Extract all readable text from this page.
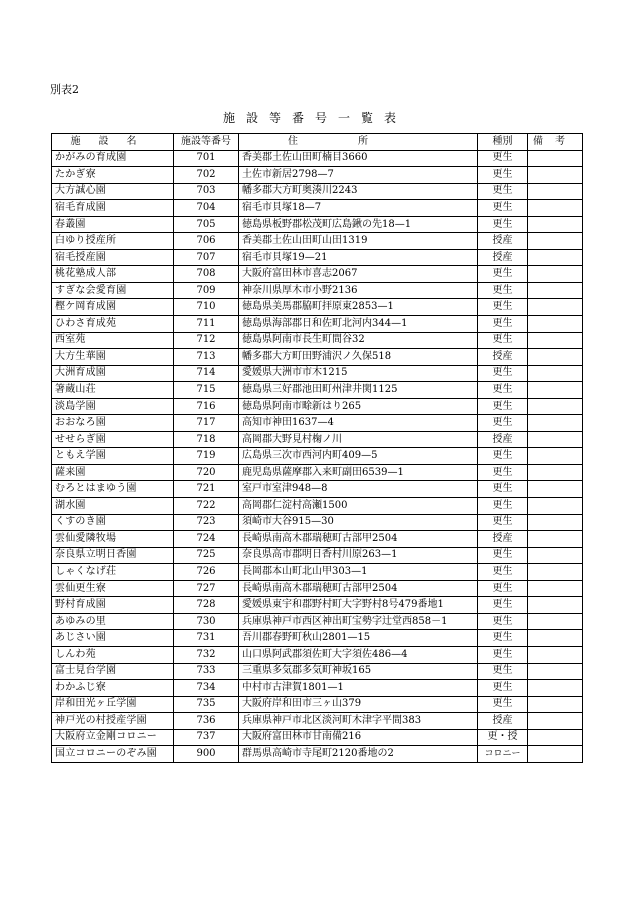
別表2

施設等番号一覧表
施設名	施設等番号	住所	種別	備考
かがみの育成園	701	香美郡土佐山田町楠目3660	更生	
たかぎ寮	702	土佐市新居2798—7	更生	
大方誠心園	703	幡多郡大方町奥湊川2243	更生	
宿毛育成園	704	宿毛市貝塚18—7	更生	
春叢園	705	徳島県板野郡松茂町広島鍬の先18—1	更生	
白ゆり授産所	706	香美郡土佐山田町山田1319	授産	
宿毛授産園	707	宿毛市貝塚19—21	授産	
桃花塾成人部	708	大阪府富田林市喜志2067	更生	
すぎな会愛育園	709	神奈川県厚木市小野2136	更生	
樫ケ岡育成園	710	徳島県美馬郡脇町拝原東2853—1	更生	
ひわさ育成苑	711	徳島県海部郡日和佐町北河内344—1	更生	
西室苑	712	徳島県阿南市長生町間谷32	更生	
大方生華園	713	幡多郡大方町田野浦沢ノ久保518	授産	
大洲育成園	714	愛媛県大洲市市木1215	更生	
箸蔵山荘	715	徳島県三好郡池田町州津井関1125	更生	
淡島学園	716	徳島県阿南市畭新はり265	更生	
おおなろ園	717	高知市神田1637—4	更生	
せせらぎ園	718	高岡郡大野見村椈ノ川	授産	
ともえ学園	719	広島県三次市西河内町409—5	更生	
薩来園	720	鹿児島県薩摩郡入来町副田6539—1	更生	
むろとはまゆう園	721	室戸市室津948—8	更生	
湖水園	722	高岡郡仁淀村高瀬1500	更生	
くすのき園	723	須崎市大谷915—30	更生	
雲仙愛隣牧場	724	長崎県南高木郡瑞穂町古部甲2504	授産	
奈良県立明日香園	725	奈良県高市郡明日香村川原263—1	更生	
しゃくなげ荘	726	長岡郡本山町北山甲303—1	更生	
雲仙更生寮	727	長崎県南高木郡瑞穂町古部甲2504	更生	
野村育成園	728	愛媛県東宇和郡野村町大字野村8号479番地1	更生	
あゆみの里	730	兵庫県神戸市西区神出町宝勢字辻堂西858－1	更生	
あじさい園	731	吾川郡春野町秋山2801—15	更生	
しんわ苑	732	山口県阿武郡須佐町大字須佐486—4	更生	
富士見台学園	733	三重県多気郡多気町神坂165	更生	
わかふじ寮	734	中村市古津賀1801—1	更生	
岸和田光ヶ丘学園	735	大阪府岸和田市三ヶ山379	更生	
神戸光の村授産学園	736	兵庫県神戸市北区淡河町木津字平間383	授産	
大阪府立金剛コロニー	737	大阪府富田林市甘南備216	更・授	
国立コロニーのぞみ園	900	群馬県高崎市寺尾町2120番地の2	コロニー	
